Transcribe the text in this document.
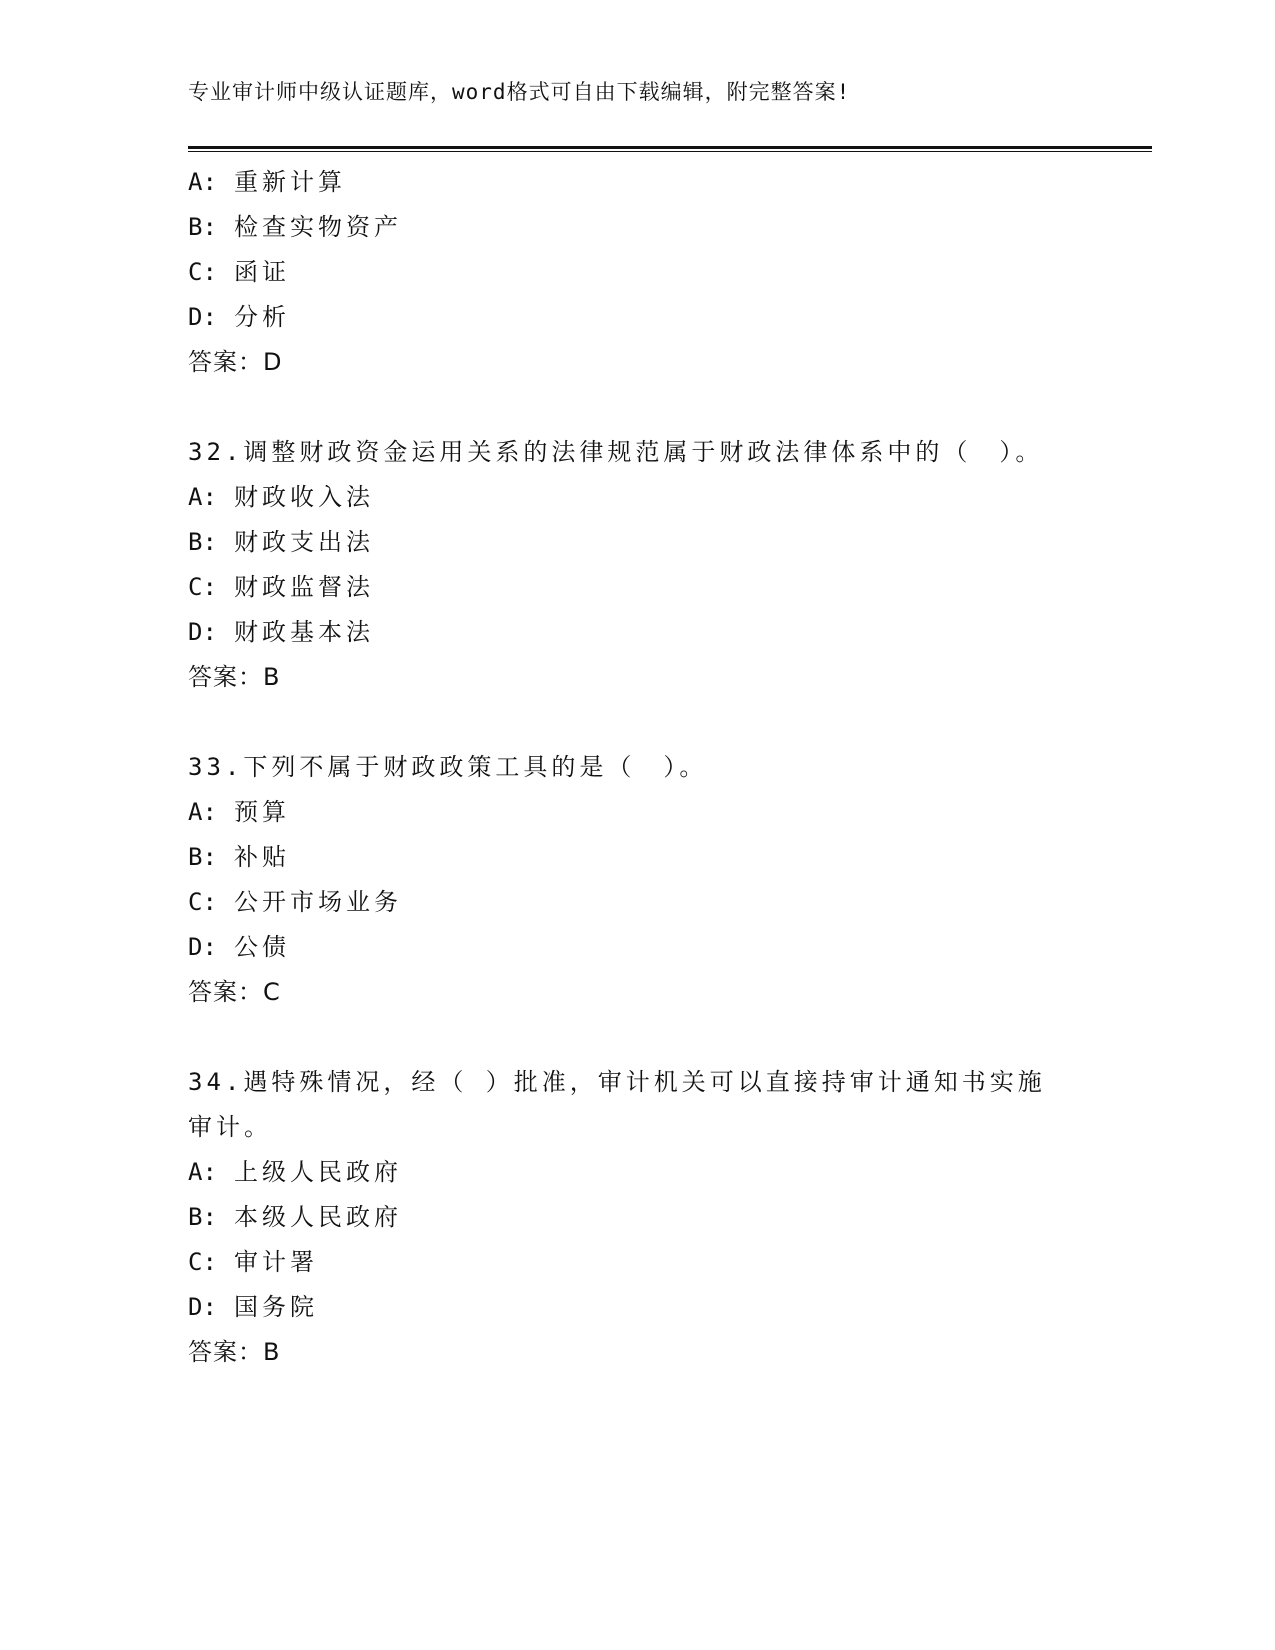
专业审计师中级认证题库，word格式可自由下载编辑，附完整答案!
A: 重新计算
B: 检查实物资产
C: 函证
D: 分析
答案：D
32.调整财政资金运用关系的法律规范属于财政法律体系中的（　）。
A: 财政收入法
B: 财政支出法
C: 财政监督法
D: 财政基本法
答案：B
33.下列不属于财政政策工具的是（　）。
A: 预算
B: 补贴
C: 公开市场业务
D: 公债
答案：C
34.遇特殊情况，经（ ）批准，审计机关可以直接持审计通知书实施
审计。
A: 上级人民政府
B: 本级人民政府
C: 审计署
D: 国务院
答案：B
